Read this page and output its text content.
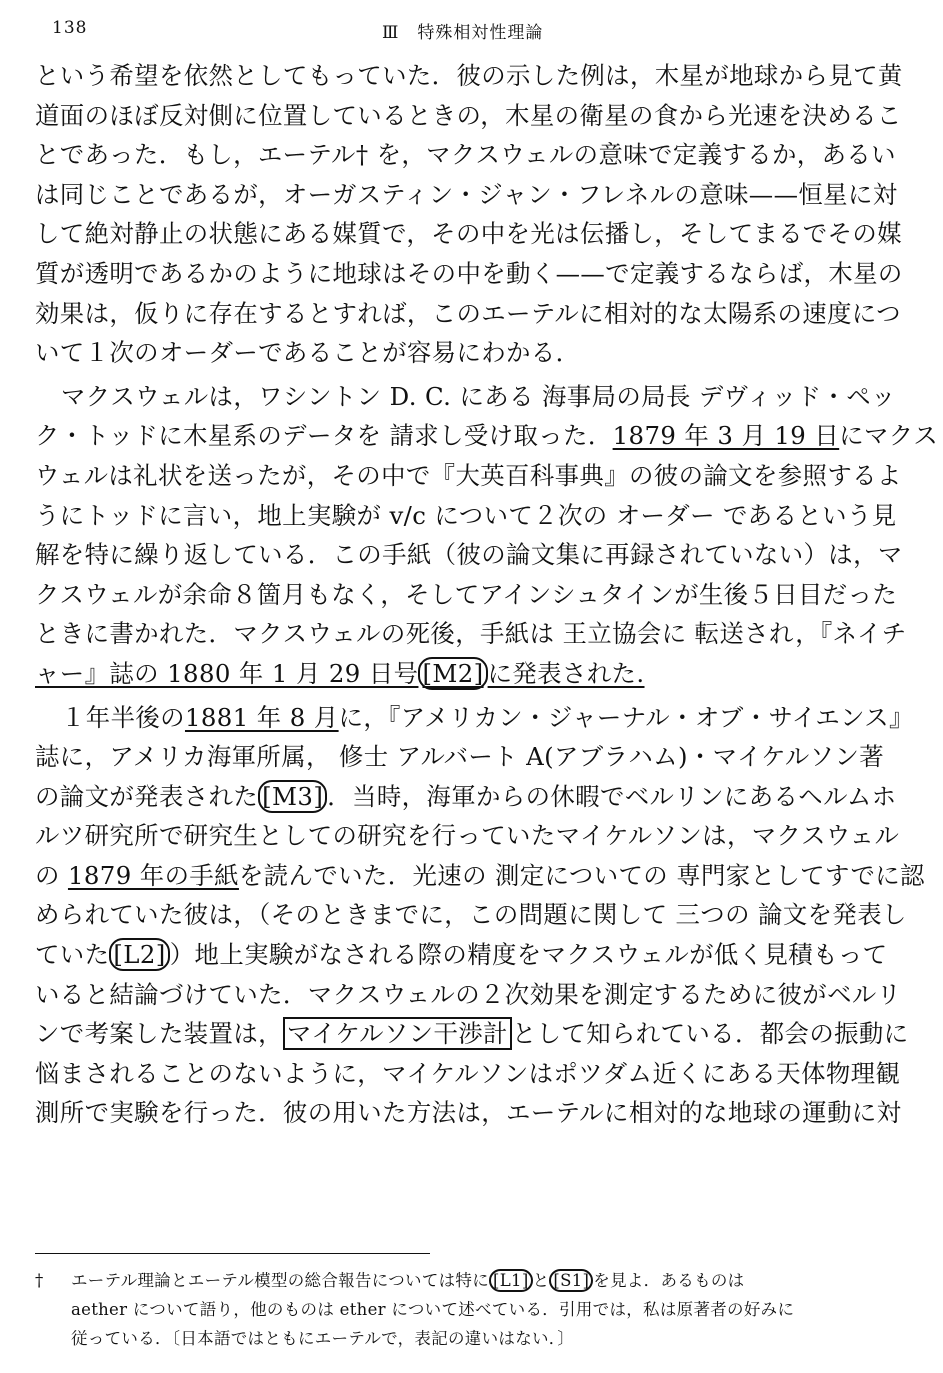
138	Ⅲ　特殊相対性理論
という希望を依然としてもっていた．彼の示した例は，木星が地球から見て黄
道面のほぼ反対側に位置しているときの，木星の衛星の食から光速を決めるこ
とであった．もし，エーテル† を，マクスウェルの意味で定義するか，あるい
は同じことであるが，オーガスティン・ジャン・フレネルの意味——恒星に対
して絶対静止の状態にある媒質で，その中を光は伝播し，そしてまるでその媒
質が透明であるかのように地球はその中を動く——で定義するならば，木星の
効果は，仮りに存在するとすれば，このエーテルに相対的な太陽系の速度につ
いて１次のオーダーであることが容易にわかる．
マクスウェルは，ワシントン D. C. にある 海事局の局長 デヴィッド・ペッ
ク・トッドに木星系のデータを 請求し受け取った．1879 年 3 月 19 日にマクス
ウェルは礼状を送ったが，その中で『大英百科事典』の彼の論文を参照するよ
うにトッドに言い，地上実験が v/c について２次の オーダー であるという見
解を特に繰り返している．この手紙（彼の論文集に再録されていない）は，マ
クスウェルが余命８箇月もなく，そしてアインシュタインが生後５日目だった
ときに書かれた．マクスウェルの死後，手紙は 王立協会に 転送され，『ネイチ
ャー』誌の 1880 年 1 月 29 日号 [M2] に発表された.
１年半後の1881 年 8 月に，『アメリカン・ジャーナル・オブ・サイエンス』
誌に，アメリカ海軍所属， 修士 アルバート A(アブラハム)・マイケルソン著
の論文が発表された [M3] ．当時，海軍からの休暇でベルリンにあるヘルムホ
ルツ研究所で研究生としての研究を行っていたマイケルソンは，マクスウェル
の 1879 年の手紙を読んでいた．光速の 測定についての 専門家としてすでに認
められていた彼は，（そのときまでに，この問題に関して 三つの 論文を発表し
ていた [L2] ）地上実験がなされる際の精度をマクスウェルが低く見積もって
いると結論づけていた．マクスウェルの２次効果を測定するために彼がベルリ
ンで考案した装置は， マイケルソン干渉計 として知られている．都会の振動に
悩まされることのないように，マイケルソンはポツダム近くにある天体物理観
測所で実験を行った．彼の用いた方法は，エーテルに相対的な地球の運動に対
† エーテル理論とエーテル模型の総合報告については特に [L1] と [S1] を見よ．あるものは
aether について語り，他のものは ether について述べている．引用では，私は原著者の好みに
従っている．〔日本語ではともにエーテルで，表記の違いはない．〕
